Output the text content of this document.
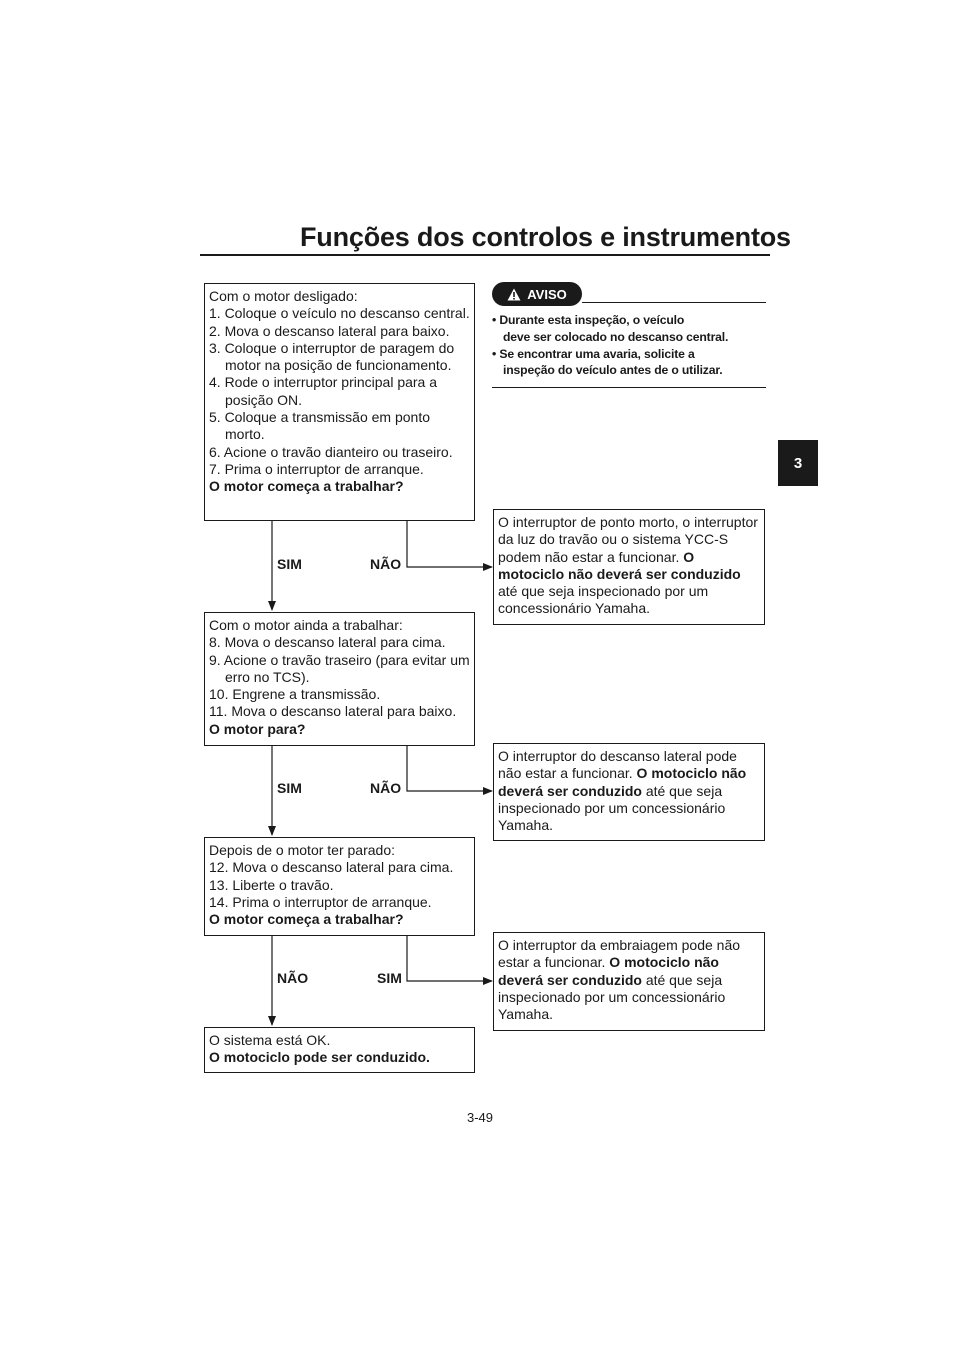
Funções dos controlos e instrumentos
3
AVISO
• Durante esta inspeção, o veículo
deve ser colocado no descanso central.
• Se encontrar uma avaria, solicite a
inspeção do veículo antes de o utilizar.
Com o motor desligado:
1. Coloque o veículo no descanso central.
2. Mova o descanso lateral para baixo.
3. Coloque o interruptor de paragem do motor na posição de funcionamento.
4. Rode o interruptor principal para a posição ON.
5. Coloque a transmissão em ponto morto.
6. Acione o travão dianteiro ou traseiro.
7. Prima o interruptor de arranque.
O motor começa a trabalhar?
Com o motor ainda a trabalhar:
8. Mova o descanso lateral para cima.
9. Acione o travão traseiro (para evitar um erro no TCS).
10. Engrene a transmissão.
11. Mova o descanso lateral para baixo.
O motor para?
Depois de o motor ter parado:
12. Mova o descanso lateral para cima.
13. Liberte o travão.
14. Prima o interruptor de arranque.
O motor começa a trabalhar?
O sistema está OK.
O motociclo pode ser conduzido.
O interruptor de ponto morto, o interruptor da luz do travão ou o sistema YCC-S podem não estar a funcionar. O motociclo não deverá ser conduzido até que seja inspecionado por um concessionário Yamaha.
O interruptor do descanso lateral pode não estar a funcionar. O motociclo não deverá ser conduzido até que seja inspecionado por um concessionário Yamaha.
O interruptor da embraiagem pode não estar a funcionar. O motociclo não deverá ser conduzido até que seja inspecionado por um concessionário Yamaha.
SIM	NÃO
SIM	NÃO
NÃO	SIM
3-49
